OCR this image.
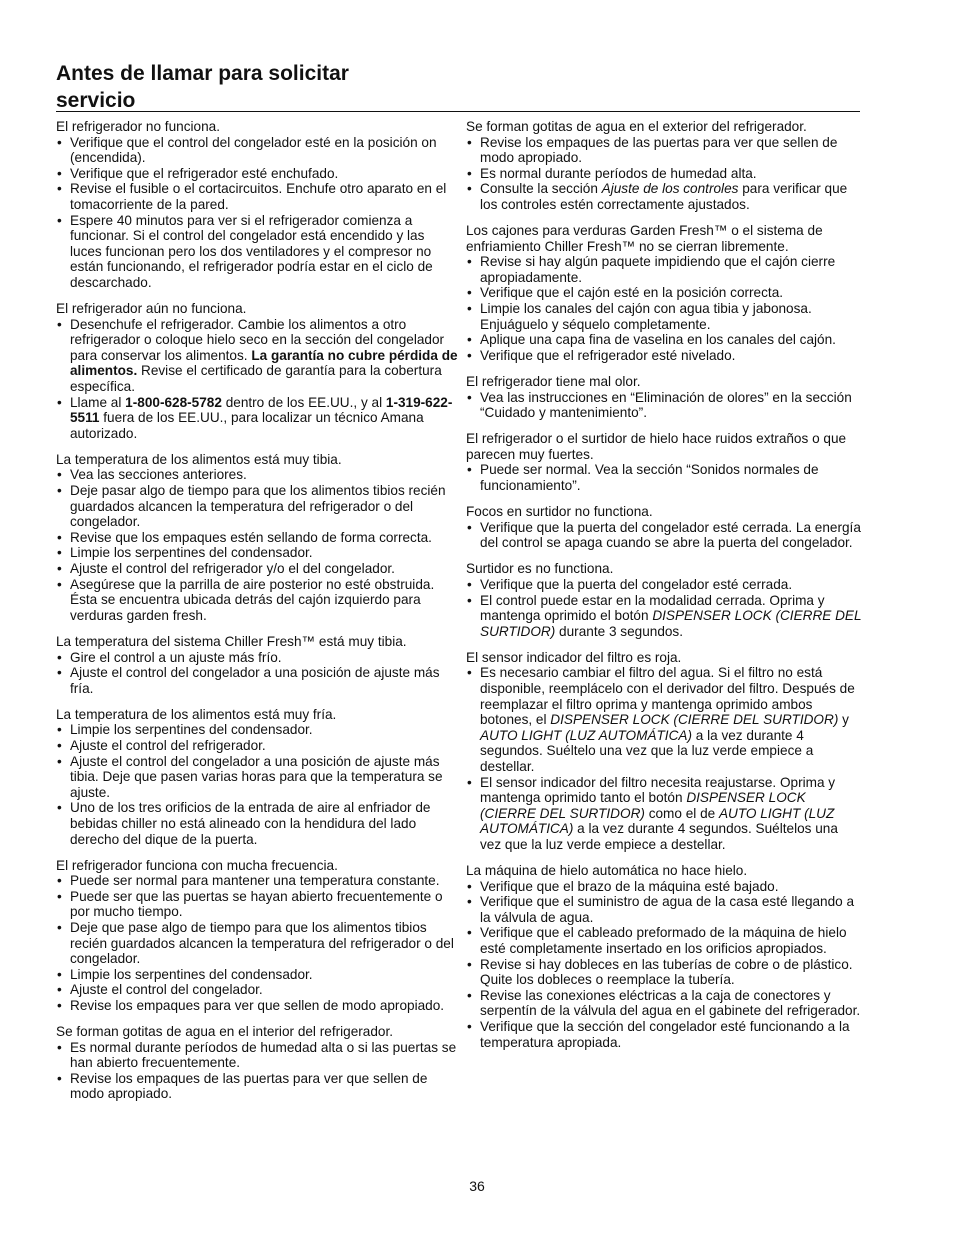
Antes de llamar para solicitar
servicio

El refrigerador no funciona.

• Verifique que el control del congelador esté en la posición on (encendida).
• Verifique que el refrigerador esté enchufado.
• Revise el fusible o el cortacircuitos. Enchufe otro aparato en el tomacorriente de la pared.
• Espere 40 minutos para ver si el refrigerador comienza a funcionar. Si el control del congelador está encendido y las luces funcionan pero los dos ventiladores y el compresor no están funcionando, el refrigerador podría estar en el ciclo de descarchado.

El refrigerador aún no funciona.

• Desenchufe el refrigerador. Cambie los alimentos a otro refrigerador o coloque hielo seco en la sección del congelador para conservar los alimentos. La garantía no cubre pérdida de alimentos. Revise el certificado de garantía para la cobertura específica.
• Llame al 1-800-628-5782 dentro de los EE.UU., y al 1-319-622-5511 fuera de los EE.UU., para localizar un técnico Amana autorizado.

La temperatura de los alimentos está muy tibia.

• Vea las secciones anteriores.
• Deje pasar algo de tiempo para que los alimentos tibios recién guardados alcancen la temperatura del refrigerador o del congelador.
• Revise que los empaques estén sellando de forma correcta.
• Limpie los serpentines del condensador.
• Ajuste el control del refrigerador y/o el del congelador.
• Asegúrese que la parrilla de aire posterior no esté obstruida. Ésta se encuentra ubicada detrás del cajón izquierdo para verduras garden fresh.

La temperatura del sistema Chiller Fresh™ está muy tibia.

• Gire el control a un ajuste más frío.
• Ajuste el control del congelador a una posición de ajuste más fría.

La temperatura de los alimentos está muy fría.

• Limpie los serpentines del condensador.
• Ajuste el control del refrigerador.
• Ajuste el control del congelador a una posición de ajuste más tibia. Deje que pasen varias horas para que la temperatura se ajuste.
• Uno de los tres orificios de la entrada de aire al enfriador de bebidas chiller no está alineado con la hendidura del lado derecho del dique de la puerta.

El refrigerador funciona con mucha frecuencia.

• Puede ser normal para mantener una temperatura constante.
• Puede ser que las puertas se hayan abierto frecuentemente o por mucho tiempo.
• Deje que pase algo de tiempo para que los alimentos tibios recién guardados alcancen la temperatura del refrigerador o del congelador.
• Limpie los serpentines del condensador.
• Ajuste el control del congelador.
• Revise los empaques para ver que sellen de modo apropiado.

Se forman gotitas de agua en el interior del refrigerador.

• Es normal durante períodos de humedad alta o si las puertas se han abierto frecuentemente.
• Revise los empaques de las puertas para ver que sellen de modo apropiado.

Se forman gotitas de agua en el exterior del refrigerador.

• Revise los empaques de las puertas para ver que sellen de modo apropiado.
• Es normal durante períodos de humedad alta.
• Consulte la sección Ajuste de los controles para verificar que los controles estén correctamente ajustados.

Los cajones para verduras Garden Fresh™ o el sistema de enfriamiento Chiller Fresh™ no se cierran libremente.

• Revise si hay algún paquete impidiendo que el cajón cierre apropiadamente.
• Verifique que el cajón esté en la posición correcta.
• Limpie los canales del cajón con agua tibia y jabonosa. Enjuáguelo y séquelo completamente.
• Aplique una capa fina de vaselina en los canales del cajón.
• Verifique que el refrigerador esté nivelado.

El refrigerador tiene mal olor.

• Vea las instrucciones en “Eliminación de olores” en la sección “Cuidado y mantenimiento”.

El refrigerador o el surtidor de hielo hace ruidos extraños o que parecen muy fuertes.

• Puede ser normal. Vea la sección “Sonidos normales de funcionamiento”.

Focos en surtidor no functiona.

• Verifique que la puerta del congelador esté cerrada. La energía del control se apaga cuando se abre la puerta del congelador.

Surtidor es no functiona.

• Verifique que la puerta del congelador esté cerrada.
• El control puede estar en la modalidad cerrada. Oprima y mantenga oprimido el botón DISPENSER LOCK (CIERRE DEL SURTIDOR) durante 3 segundos.

El sensor indicador del filtro es roja.

• Es necesario cambiar el filtro del agua. Si el filtro no está disponible, reemplácelo con el derivador del filtro. Después de reemplazar el filtro oprima y mantenga oprimido ambos botones, el DISPENSER LOCK (CIERRE DEL SURTIDOR) y AUTO LIGHT (LUZ AUTOMÁTICA) a la vez durante 4 segundos. Suéltelo una vez que la luz verde empiece a destellar.
• El sensor indicador del filtro necesita reajustarse. Oprima y mantenga oprimido tanto el botón DISPENSER LOCK (CIERRE DEL SURTIDOR) como el de AUTO LIGHT (LUZ AUTOMÁTICA) a la vez durante 4 segundos. Suéltelos una vez que la luz verde empiece a destellar.

La máquina de hielo automática no hace hielo.

• Verifique que el brazo de la máquina esté bajado.
• Verifique que el suministro de agua de la casa esté llegando a la válvula de agua.
• Verifique que el cableado preformado de la máquina de hielo esté completamente insertado en los orificios apropiados.
• Revise si hay dobleces en las tuberías de cobre o de plástico. Quite los dobleces o reemplace la tubería.
• Revise las conexiones eléctricas a la caja de conectores y serpentín de la válvula del agua en el gabinete del refrigerador.
• Verifique que la sección del congelador esté funcionando a la temperatura apropiada.
36
